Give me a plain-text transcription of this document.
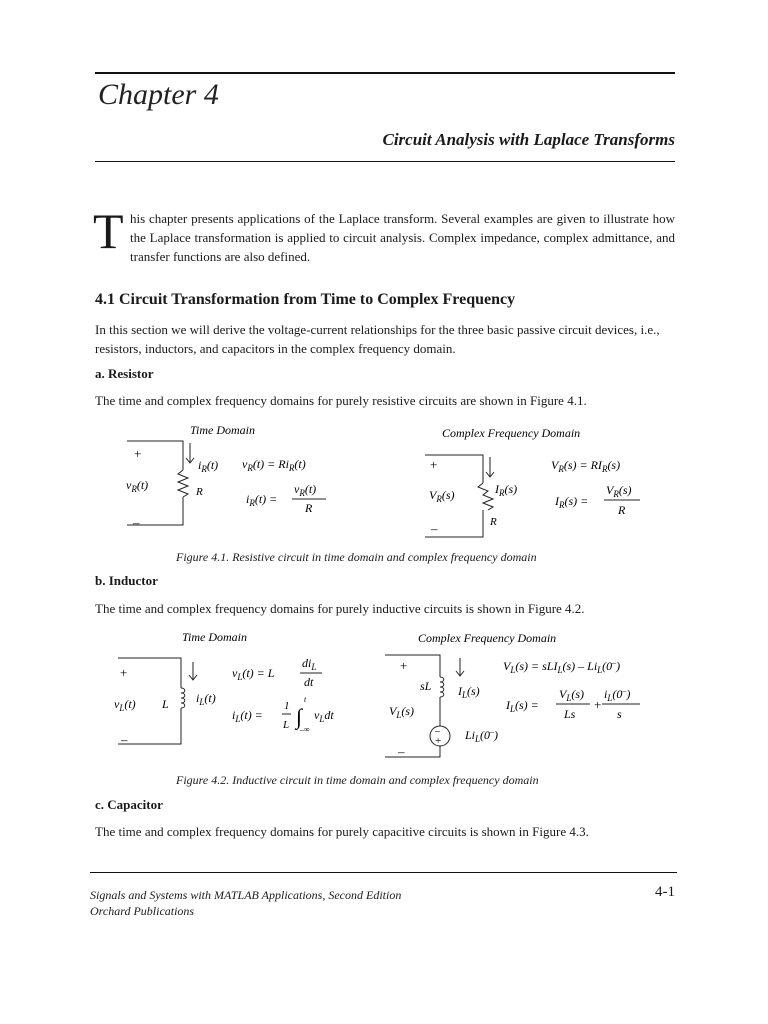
Chapter 4
Circuit Analysis with Laplace Transforms
T his chapter presents applications of the Laplace transform. Several examples are given to illustrate how the Laplace transformation is applied to circuit analysis. Complex impedance, complex admittance, and transfer functions are also defined.
4.1 Circuit Transformation from Time to Complex Frequency
In this section we will derive the voltage-current relationships for the three basic passive circuit devices, i.e., resistors, inductors, and capacitors in the complex frequency domain.
a. Resistor
The time and complex frequency domains for purely resistive circuits are shown in Figure 4.1.
Time Domain	Complex Frequency Domain
+
$v_R(t)$
–
$i_R(t)$
R
$v_R(t) = Ri_R(t)$
$i_R(t)$ =
$v_R(t)$
R
+
$V_R(s)$
–
$I_R(s)$
R
$V_R(s) = RI_R(s)$
$I_R(s)$ =
$V_R(s)$
R
Figure 4.1. Resistive circuit in time domain and complex frequency domain
b. Inductor
The time and complex frequency domains for purely inductive circuits is shown in Figure 4.2.
Time Domain	Complex Frequency Domain
+
$v_L(t)$ L $i_L(t)$
–
$v_L(t) = L$
$di_L$
dt
$i_L(t)$ =
1
L ∫
t
–∞
$v_Ldt$
+
sL $I_L(s)$
$V_L(s)$
–
+ $Li_L(0^-)$
–
$V_L(s) = sLI_L(s) - Li_L(0^-)$
$I_L(s)$ =
$V_L(s)$
Ls
+
$i_L(0^-)$
s
Figure 4.2. Inductive circuit in time domain and complex frequency domain
c. Capacitor
The time and complex frequency domains for purely capacitive circuits is shown in Figure 4.3.
Signals and Systems with MATLAB Applications, Second Edition
Orchard Publications
4-1
